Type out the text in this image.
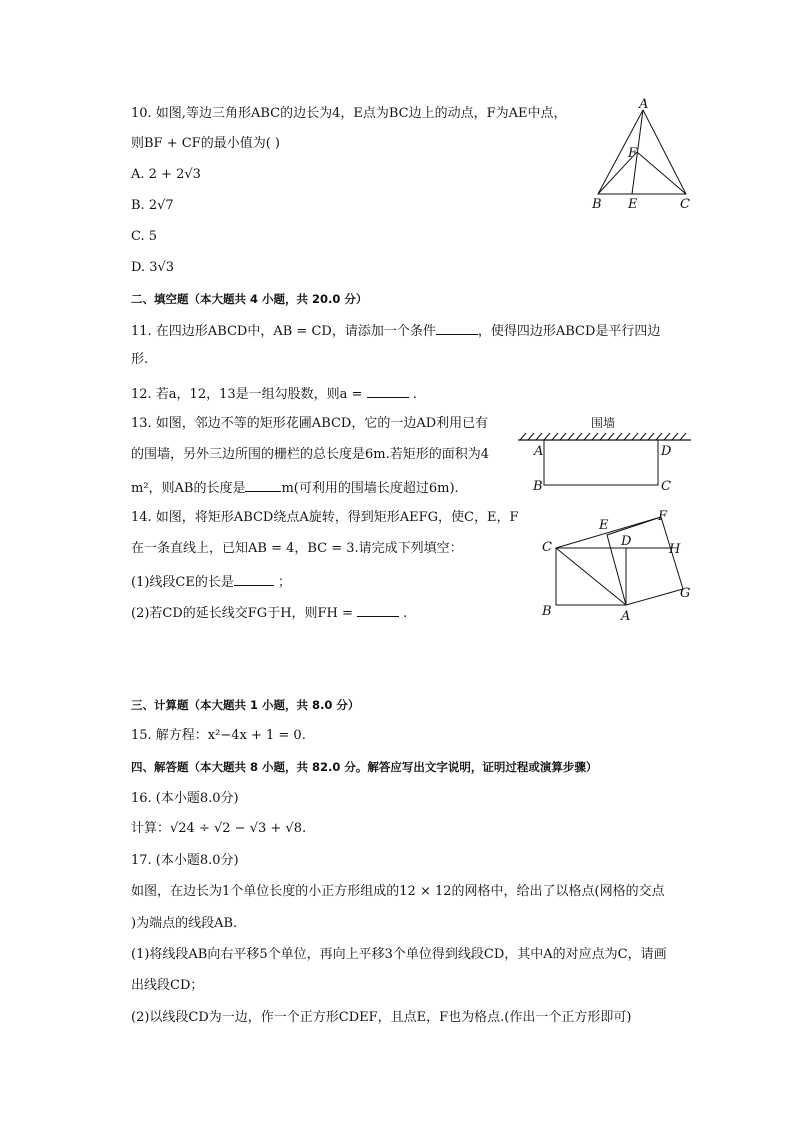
10. 如图,等边三角形ABC的边长为4，E点为BC边上的动点，F为AE中点，
则BF + CF的最小值为( )
A. 2 + 2√3
B. 2√7
C. 5
D. 3√3
A
F
B E	C
二、填空题（本大题共 4 小题，共 20.0 分）
11. 在四边形ABCD中，AB = CD，请添加一个条件	，使得四边形ABCD是平行四边
形.
12. 若a，12，13是一组勾股数，则a =	.
13. 如图，邻边不等的矩形花圃ABCD，它的一边AD利用已有
的围墙，另外三边所围的栅栏的总长度是6m.若矩形的面积为4
m²，则AB的长度是	m(可利用的围墙长度超过6m).
围墙
A	D
B	C
14. 如图，将矩形ABCD绕点A旋转，得到矩形AEFG，使C，E，F
在一条直线上，已知AB = 4，BC = 3.请完成下列填空：
(1)线段CE的长是	；
(2)若CD的延长线交FG于H，则FH =	.
E
F
C	D
H
G
B	A
三、计算题（本大题共 1 小题，共 8.0 分）
15. 解方程：x²−4x + 1 = 0.
四、解答题（本大题共 8 小题，共 82.0 分。解答应写出文字说明，证明过程或演算步骤）
16. (本小题8.0分)
计算：√24 ÷ √2 − √3 + √8.
17. (本小题8.0分)
如图，在边长为1个单位长度的小正方形组成的12 × 12的网格中，给出了以格点(网格的交点
)为端点的线段AB.
(1)将线段AB向右平移5个单位，再向上平移3个单位得到线段CD，其中A的对应点为C，请画
出线段CD；
(2)以线段CD为一边，作一个正方形CDEF，且点E，F也为格点.(作出一个正方形即可)
